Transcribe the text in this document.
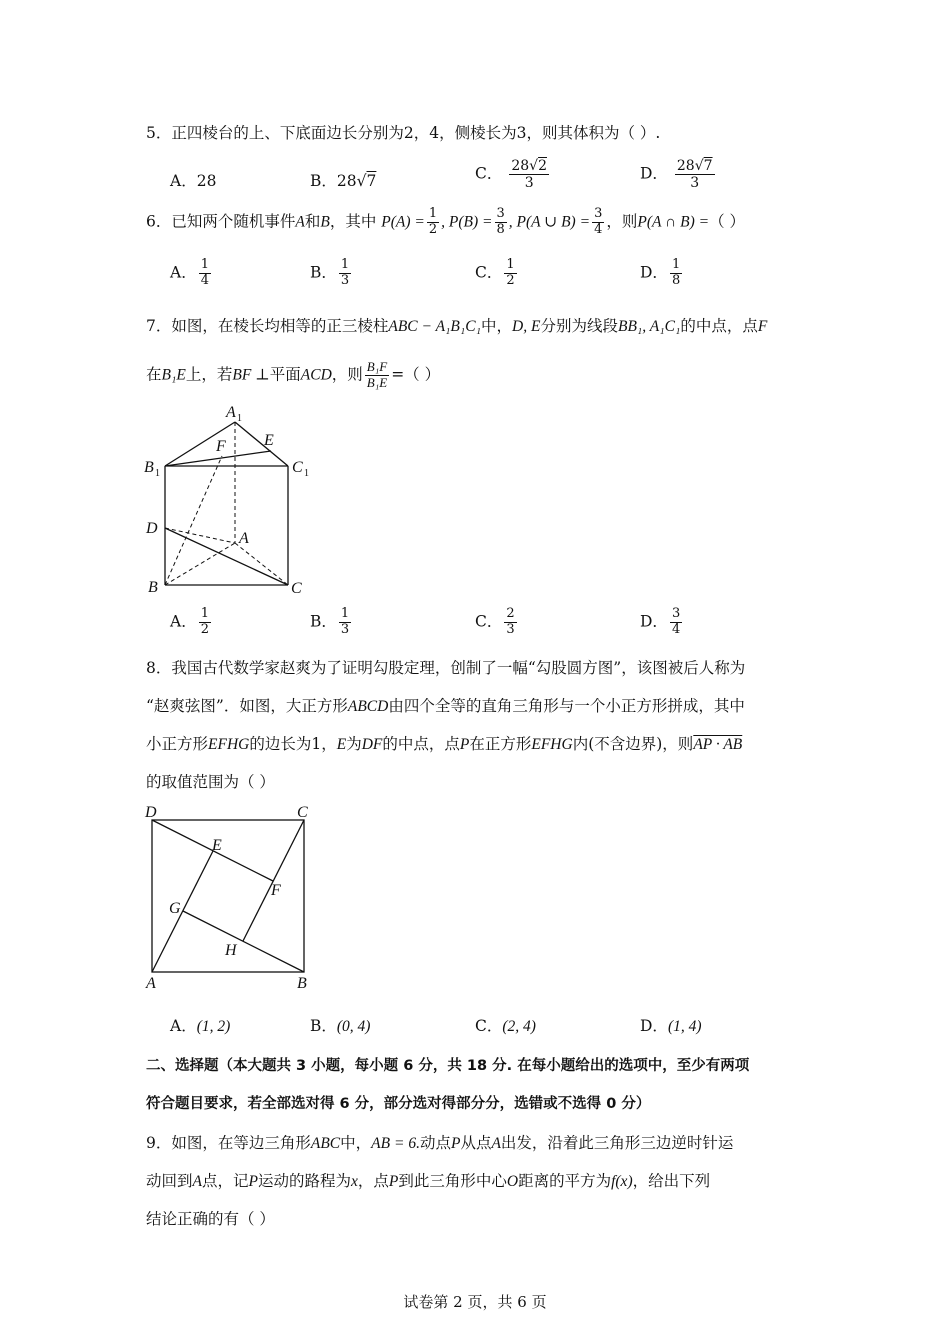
5．正四棱台的上、下底面边长分别为2，4，侧棱长为3，则其体积为（ ）.
A．28	B．28√7	C． $\frac{28√2}{3}$	D． $\frac{28√7}{3}$
6．已知两个随机事件A和B，其中 $P(A) = \frac{1}{2}$ , $P(B) = \frac{3}{8}$ , P(A ∪ $B) = \frac{3}{4}$ ，则P(A ∩ B) =（ ）
A． $\frac{1}{4}$	B． $\frac{1}{3}$	C． $\frac{1}{2}$	D． $\frac{1}{8}$
7．如图，在棱长均相等的正三棱柱ABC − A₁B₁C₁中，D, E分别为线段BB₁, A₁C₁的中点，点F
在B₁E上，若BF ⊥平面ACD，则 $\frac{\text{B₁F}}{\text{B₁E}}$ =（ ）
A 1
E
F
B 1	C 1
D
A
B	C
A． $\frac{1}{2}$	B． $\frac{1}{3}$	C． $\frac{2}{3}$	D． $\frac{3}{4}$
8．我国古代数学家赵爽为了证明勾股定理，创制了一幅“勾股圆方图”，该图被后人称为
“赵爽弦图”．如图，大正方形ABCD由四个全等的直角三角形与一个小正方形拼成，其中
小正方形EFHG的边长为1，E为DF的中点，点P在正方形EFHG内(不含边界)，则AP · AB
的取值范围为（ ）
D	C
E
F
G
H
A	B
A．(1, 2)	B．(0, 4)	C．(2, 4)	D．(1, 4)
二、选择题（本大题共 3 小题，每小题 6 分，共 18 分. 在每小题给出的选项中，至少有两项
符合题目要求，若全部选对得 6 分，部分选对得部分分，选错或不选得 0 分）
9．如图，在等边三角形ABC中，AB = 6.动点P从点A出发，沿着此三角形三边逆时针运
动回到A点，记P运动的路程为x，点P到此三角形中心O距离的平方为f(x)，给出下列
结论正确的有（ ）
试卷第 2 页，共 6 页
